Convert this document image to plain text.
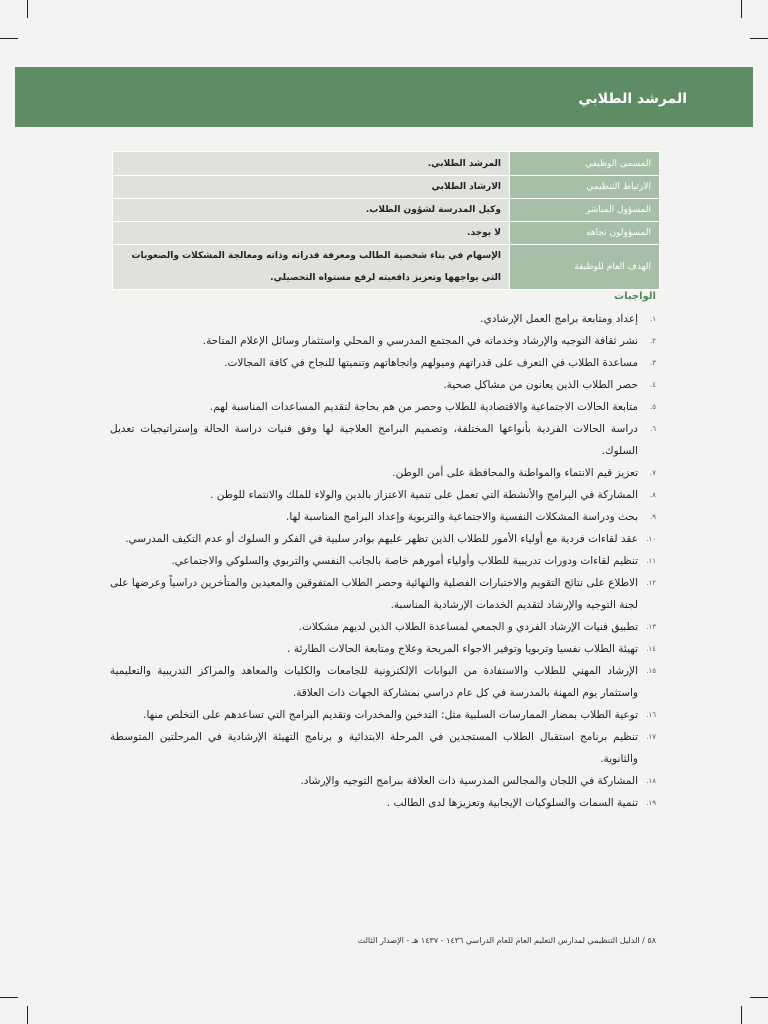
المرشد الطلابي
المسمى الوظيفي	المرشد الطلابي.
الارتباط التنظيمي	الارشاد الطلابي
المسؤول المباشر	وكيل المدرسة لشؤون الطلاب.
المسؤولون تجاهه	لا يوجد.
الهدف العام للوظيفة	الإسهام في بناء شخصية الطالب ومعرفة قدراته وذاته ومعالجة المشكلات والصعوبات التي يواجهها وتعزيز دافعيته لرفع مستواه التحصيلي.
الواجبات
١.
إعداد ومتابعة برامج العمل الإرشادي.
٢.
نشر ثقافة التوجيه والإرشاد وخدماته في المجتمع المدرسي و المحلي واستثمار وسائل الإعلام المتاحة.
٣.
مساعدة الطلاب في التعرف على قدراتهم وميولهم واتجاهاتهم وتنميتها للنجاح في كافة المجالات.
٤.
حصر الطلاب الذين يعانون من مشاكل صحية.
٥.
متابعة الحالات الاجتماعية والاقتصادية للطلاب وحصر من هم بحاجة لتقديم المساعدات المناسبة لهم.
٦.
دراسة الحالات الفردية بأنواعها المختلفة، وتصميم البرامج العلاجية لها وفق فنيات دراسة الحالة وإستراتيجيات تعديل السلوك.
٧.
تعزيز قيم الانتماء والمواطنة والمحافظة على أمن الوطن.
٨.
المشاركة في البرامج والأنشطة التي تعمل على تنمية الاعتزاز بالدين والولاء للملك والانتماء للوطن .
٩.
بحث ودراسة المشكلات النفسية والاجتماعية والتربوية وإعداد البرامج المناسبة لها.
١٠.
عقد لقاءات فردية مع أولياء الأمور للطلاب الذين تظهر عليهم بوادر سلبية في الفكر و السلوك أو عدم التكيف المدرسي.
١١.
تنظيم لقاءات ودورات تدريبية للطلاب وأولياء أمورهم خاصة بالجانب النفسي والتربوي والسلوكي والاجتماعي.
١٢.
الاطلاع على نتائج التقويم والاختبارات الفصلية والنهائية وحصر الطلاب المتفوقين والمعيدين والمتأخرين دراسياً وعرضها على لجنة التوجيه والإرشاد لتقديم الخدمات الإرشادية المناسبة.
١٣.
تطبيق فنيات الإرشاد الفردي و الجمعي لمساعدة الطلاب الذين لديهم مشكلات.
١٤.
تهيئة الطلاب نفسيا وتربويا وتوفير الاجواء المريحة وعلاج ومتابعة الحالات الطارئة .
١٥.
الإرشاد المهني للطلاب والاستفادة من البوابات الإلكترونية للجامعات والكليات والمعاهد والمراكز التدريبية والتعليمية واستثمار يوم المهنة بالمدرسة في كل عام دراسي بمشاركة الجهات ذات العلاقة.
١٦.
توعية الطلاب بمضار الممارسات السلبية مثل: التدخين والمخدرات وتقديم البرامج التي تساعدهم على التخلص منها.
١٧.
تنظيم برنامج استقبال الطلاب المستجدين في المرحلة الابتدائية و برنامج التهيئة الإرشادية في المرحلتين المتوسطة والثانوية.
١٨.
المشاركة في اللجان والمجالس المدرسية ذات العلاقة ببرامج التوجيه والإرشاد.
١٩.
تنمية السمات والسلوكيات الإيجابية وتعزيزها لدى الطالب .
٥٨ / الدليل التنظيمي لمدارس التعليم العام للعام الدراسي ١٤٣٦ - ١٤٣٧ هـ - الإصدار الثالث
